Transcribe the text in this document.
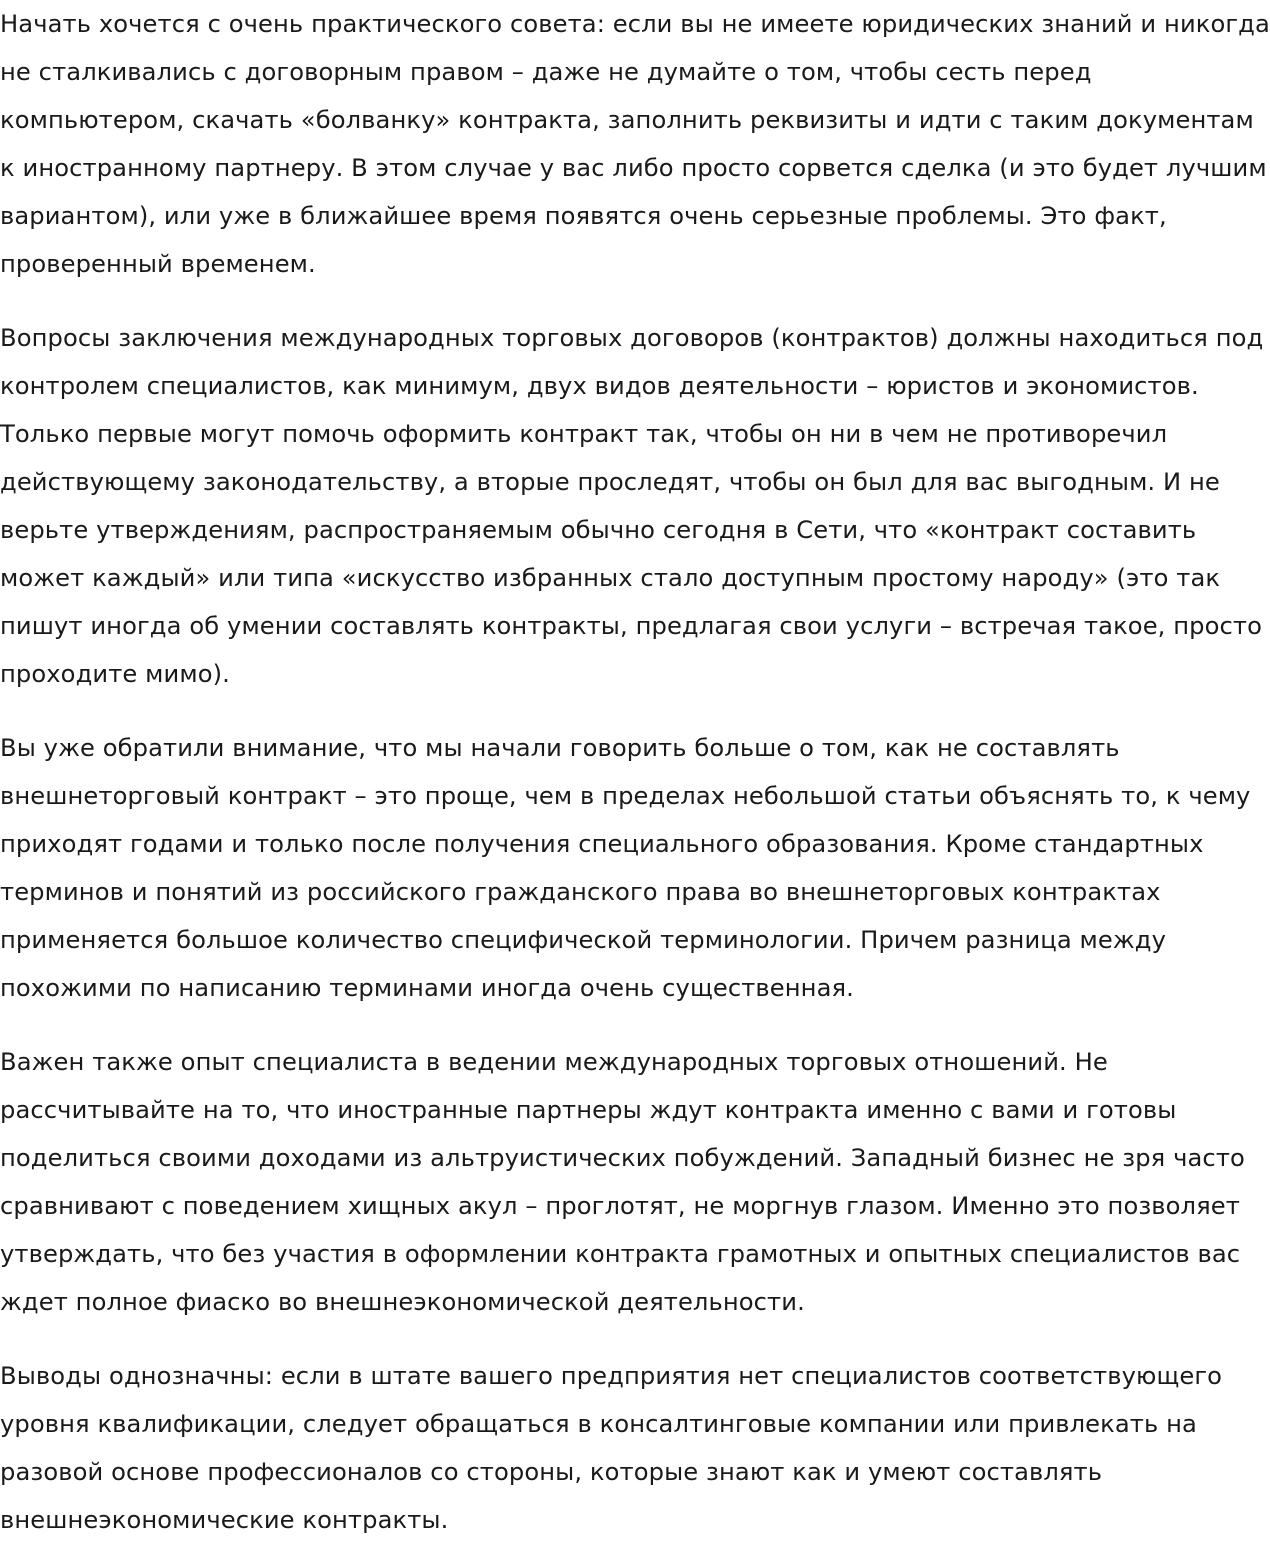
Начать хочется с очень практического совета: если вы не имеете юридических знаний и никогда не сталкивались с договорным правом – даже не думайте о том, чтобы сесть перед компьютером, скачать «болванку» контракта, заполнить реквизиты и идти с таким документам к иностранному партнеру. В этом случае у вас либо просто сорвется сделка (и это будет лучшим вариантом), или уже в ближайшее время появятся очень серьезные проблемы. Это факт, проверенный временем.

Вопросы заключения международных торговых договоров (контрактов) должны находиться под контролем специалистов, как минимум, двух видов деятельности – юристов и экономистов. Только первые могут помочь оформить контракт так, чтобы он ни в чем не противоречил действующему законодательству, а вторые проследят, чтобы он был для вас выгодным. И не верьте утверждениям, распространяемым обычно сегодня в Сети, что «контракт составить может каждый» или типа «искусство избранных стало доступным простому народу» (это так пишут иногда об умении составлять контракты, предлагая свои услуги – встречая такое, просто проходите мимо).

Вы уже обратили внимание, что мы начали говорить больше о том, как не составлять внешнеторговый контракт – это проще, чем в пределах небольшой статьи объяснять то, к чему приходят годами и только после получения специального образования. Кроме стандартных терминов и понятий из российского гражданского права во внешнеторговых контрактах применяется большое количество специфической терминологии. Причем разница между похожими по написанию терминами иногда очень существенная.

Важен также опыт специалиста в ведении международных торговых отношений. Не рассчитывайте на то, что иностранные партнеры ждут контракта именно с вами и готовы поделиться своими доходами из альтруистических побуждений. Западный бизнес не зря часто сравнивают с поведением хищных акул – проглотят, не моргнув глазом. Именно это позволяет утверждать, что без участия в оформлении контракта грамотных и опытных специалистов вас ждет полное фиаско во внешнеэкономической деятельности.

Выводы однозначны: если в штате вашего предприятия нет специалистов соответствующего уровня квалификации, следует обращаться в консалтинговые компании или привлекать на разовой основе профессионалов со стороны, которые знают как и умеют составлять внешнеэкономические контракты.
